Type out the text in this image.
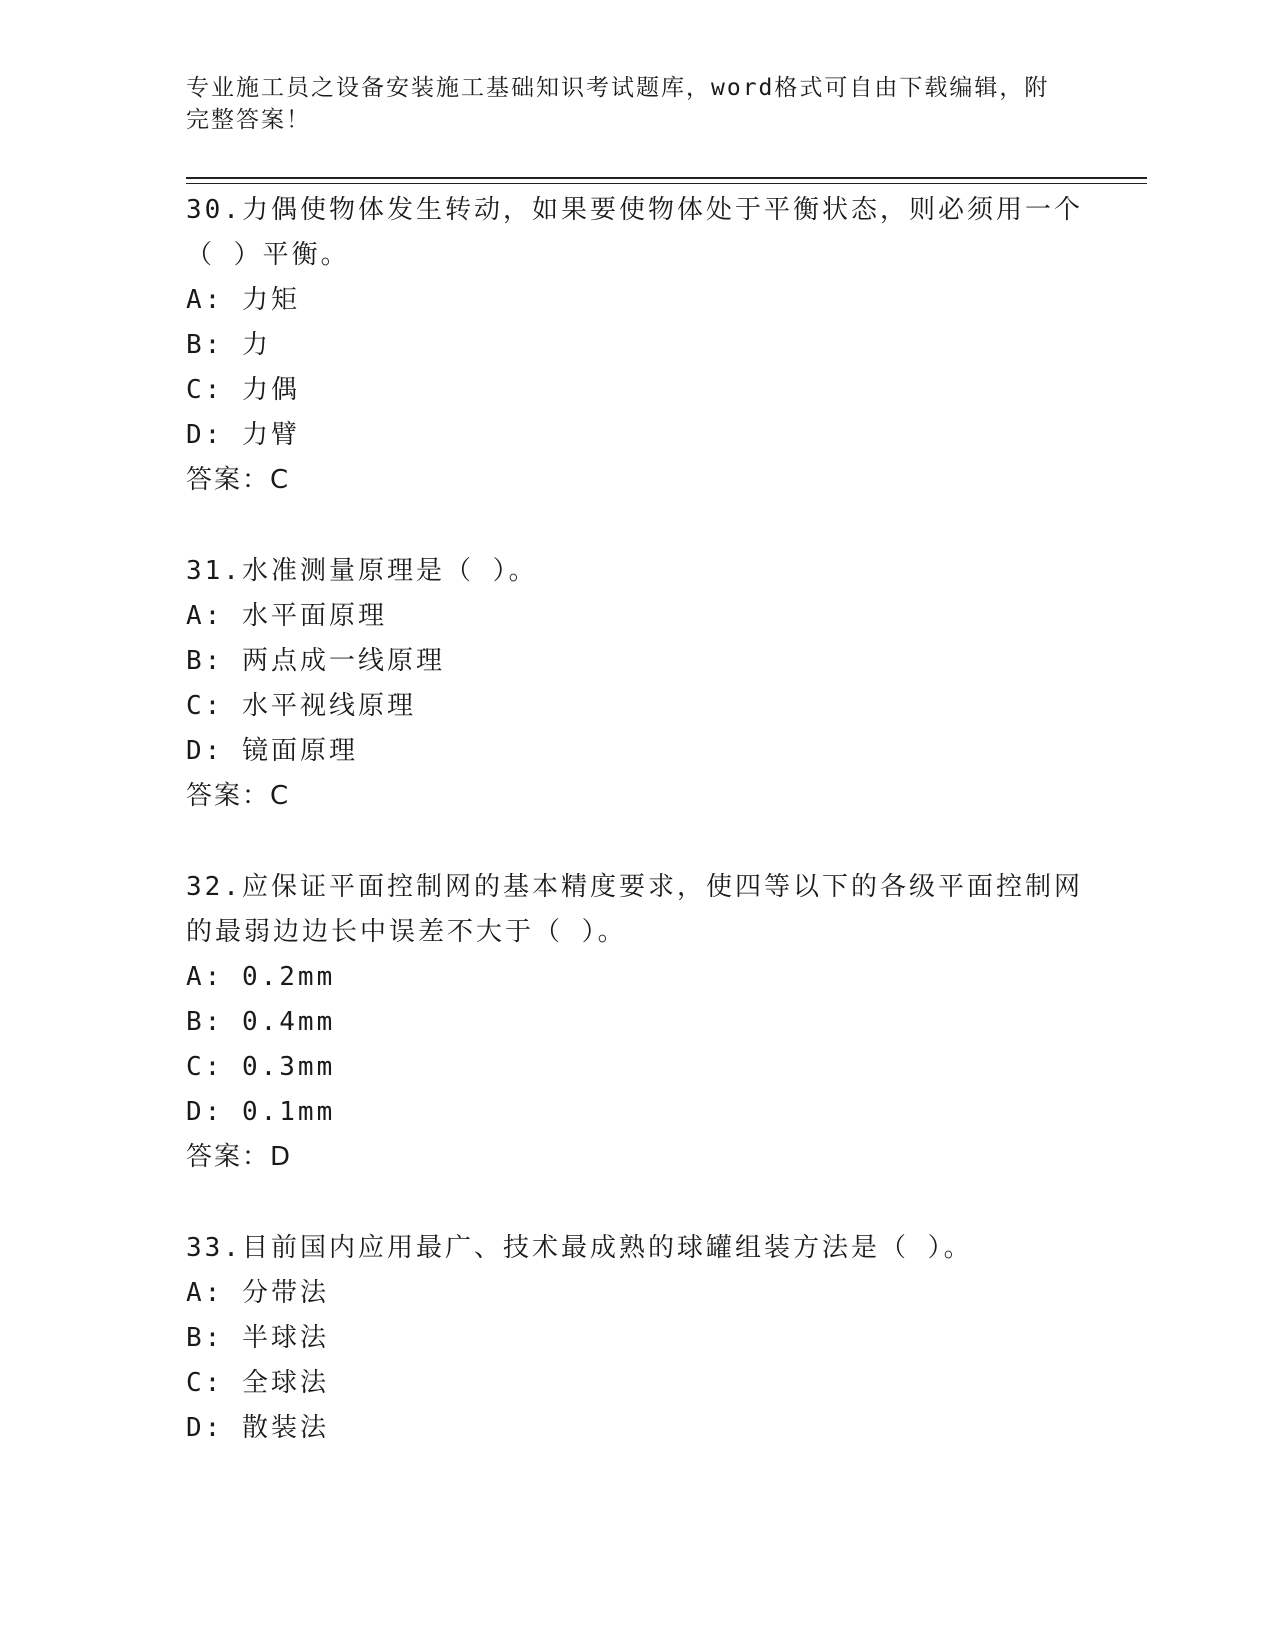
专业施工员之设备安装施工基础知识考试题库，word格式可自由下载编辑，附完整答案！
30.力偶使物体发生转动，如果要使物体处于平衡状态，则必须用一个（ ）平衡。
A: 力矩
B: 力
C: 力偶
D: 力臂
答案：C
31.水准测量原理是（ ）。
A: 水平面原理
B: 两点成一线原理
C: 水平视线原理
D: 镜面原理
答案：C
32.应保证平面控制网的基本精度要求，使四等以下的各级平面控制网的最弱边边长中误差不大于（ ）。
A: 0.2mm
B: 0.4mm
C: 0.3mm
D: 0.1mm
答案：D
33.目前国内应用最广、技术最成熟的球罐组装方法是（ ）。
A: 分带法
B: 半球法
C: 全球法
D: 散装法
